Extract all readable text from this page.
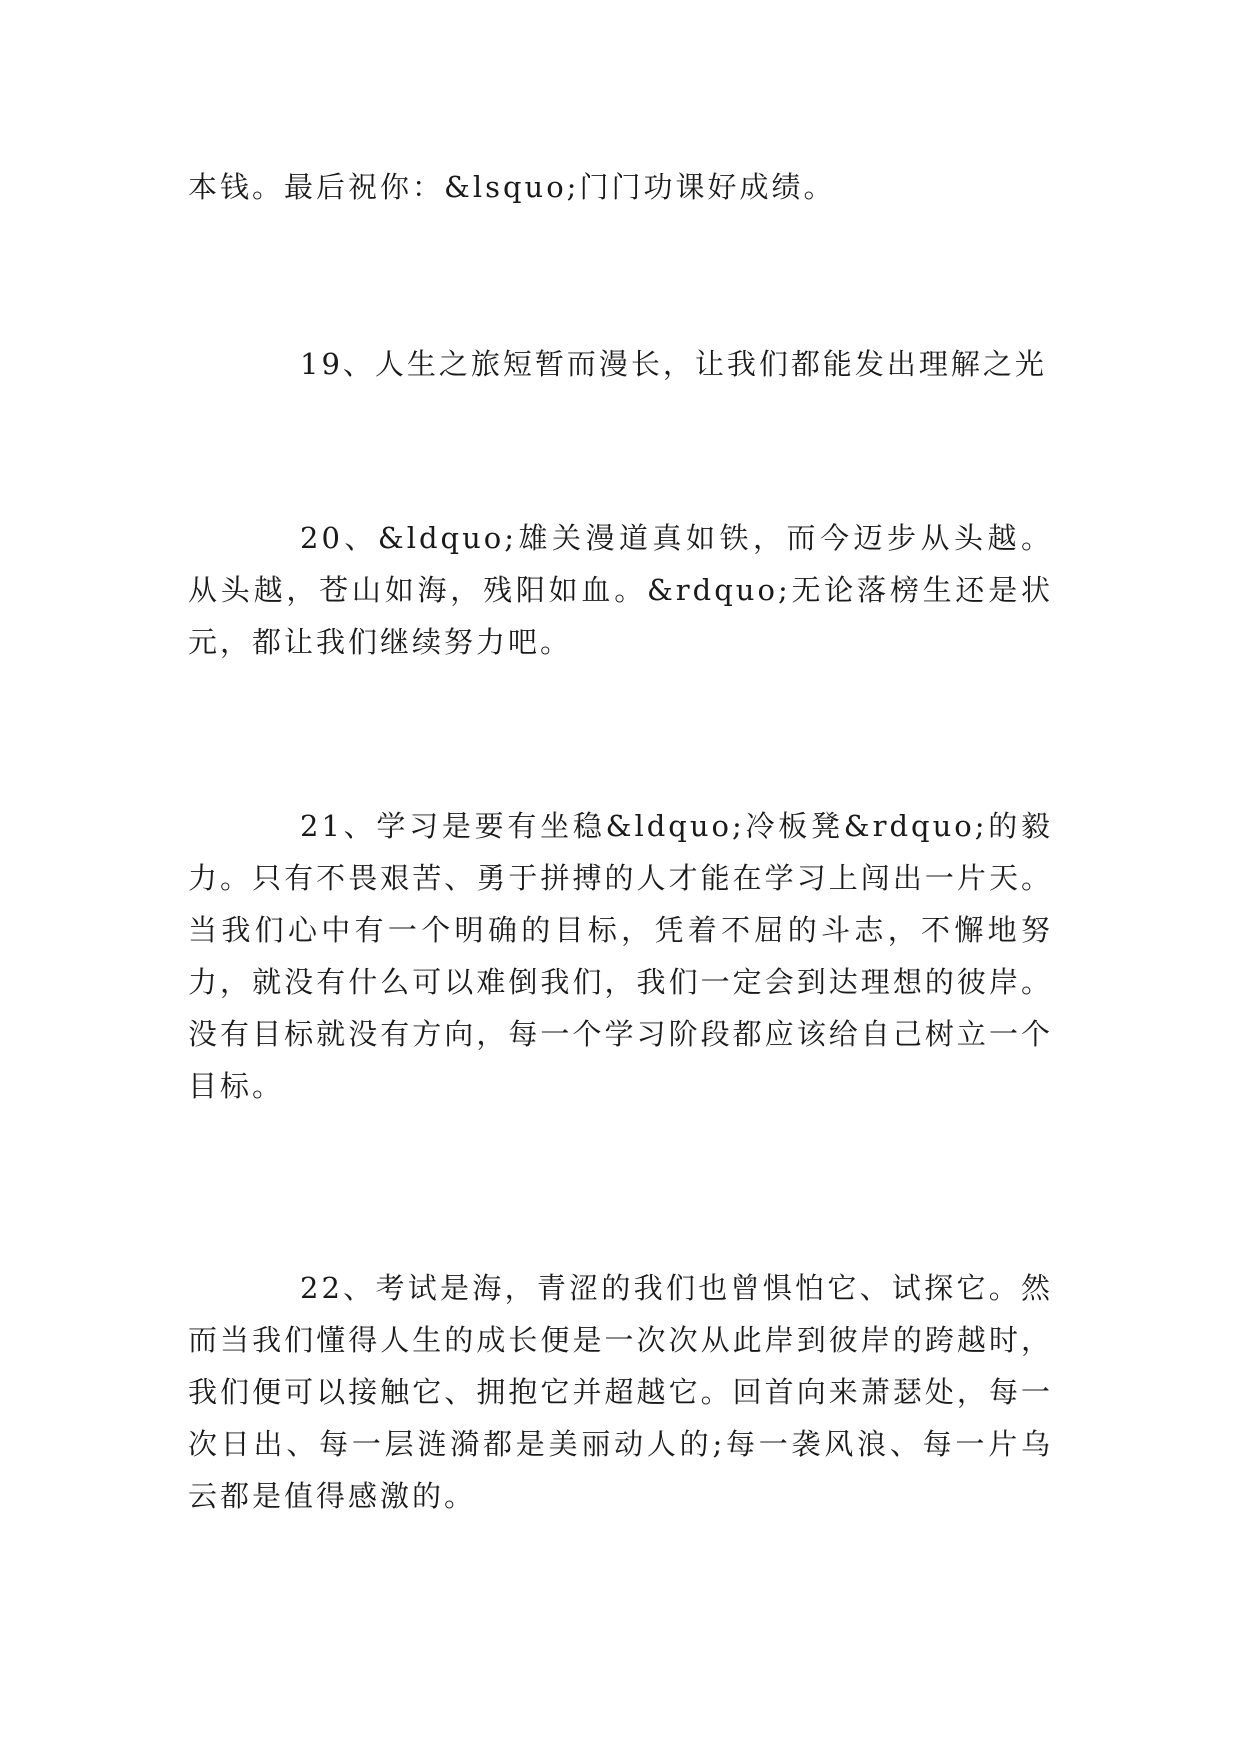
本钱。最后祝你：&lsquo;门门功课好成绩。

19、人生之旅短暂而漫长，让我们都能发出理解之光

20、&ldquo;雄关漫道真如铁，而今迈步从头越。从头越，苍山如海，残阳如血。&rdquo;无论落榜生还是状元，都让我们继续努力吧。

21、学习是要有坐稳&ldquo;冷板凳&rdquo;的毅力。只有不畏艰苦、勇于拼搏的人才能在学习上闯出一片天。当我们心中有一个明确的目标，凭着不屈的斗志，不懈地努力，就没有什么可以难倒我们，我们一定会到达理想的彼岸。没有目标就没有方向，每一个学习阶段都应该给自己树立一个目标。

22、考试是海，青涩的我们也曾惧怕它、试探它。然而当我们懂得人生的成长便是一次次从此岸到彼岸的跨越时，我们便可以接触它、拥抱它并超越它。回首向来萧瑟处，每一次日出、每一层涟漪都是美丽动人的;每一袭风浪、每一片乌云都是值得感激的。
